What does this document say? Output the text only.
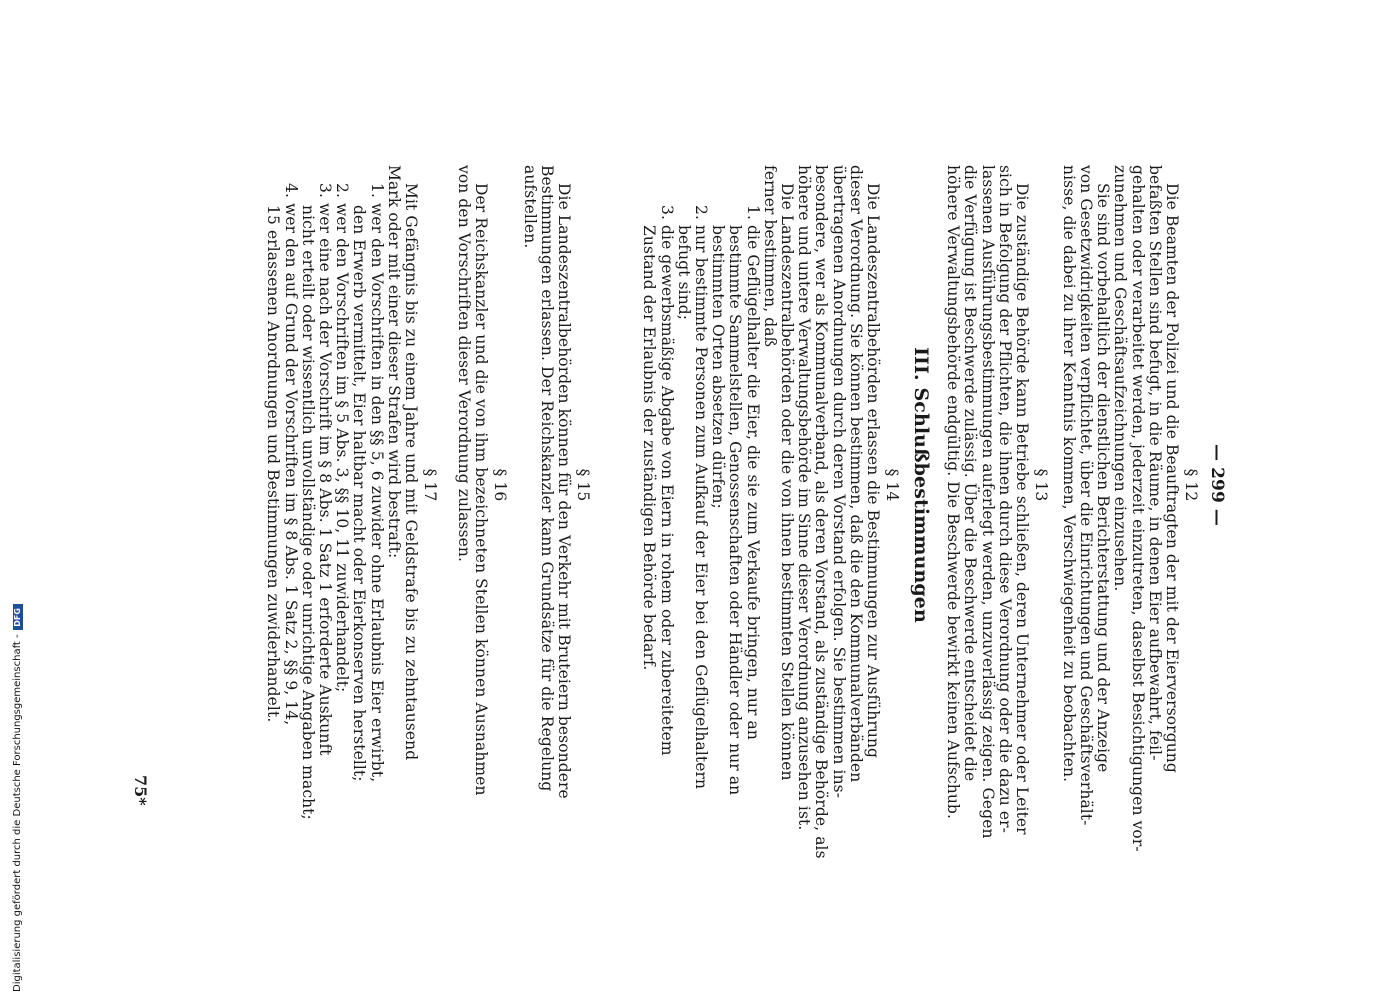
— 299 —
§ 12
Die Beamten der Polizei und die Beauftragten der mit der Eierversorgung
befaßten Stellen sind befugt, in die Räume, in denen Eier aufbewahrt, feil-
gehalten oder verarbeitet werden, jederzeit einzutreten, daselbst Besichtigungen vor-
zunehmen und Geschäftsaufzeichnungen einzusehen.
Sie sind vorbehaltlich der dienstlichen Berichterstattung und der Anzeige
von Gesetzwidrigkeiten verpflichtet, über die Einrichtungen und Geschäftsverhält-
nisse, die dabei zu ihrer Kenntnis kommen, Verschwiegenheit zu beobachten.
§ 13
Die zuständige Behörde kann Betriebe schließen, deren Unternehmer oder Leiter
sich in Befolgung der Pflichten, die ihnen durch diese Verordnung oder die dazu er-
lassenen Ausführungsbestimmungen auferlegt werden, unzuverlässig zeigen. Gegen
die Verfügung ist Beschwerde zulässig. Über die Beschwerde entscheidet die
höhere Verwaltungsbehörde endgültig. Die Beschwerde bewirkt keinen Aufschub.
III. Schlußbestimmungen
§ 14
Die Landeszentralbehörden erlassen die Bestimmungen zur Ausführung
dieser Verordnung. Sie können bestimmen, daß die den Kommunalverbänden
übertragenen Anordnungen durch deren Vorstand erfolgen. Sie bestimmen ins-
besondere, wer als Kommunalverband, als deren Vorstand, als zuständige Behörde, als
höhere und untere Verwaltungsbehörde im Sinne dieser Verordnung anzusehen ist.
Die Landeszentralbehörden oder die von ihnen bestimmten Stellen können
ferner bestimmen, daß
1. die Geflügelhalter die Eier, die sie zum Verkaufe bringen, nur an
bestimmte Sammelstellen, Genossenschaften oder Händler oder nur an
bestimmten Orten absetzen dürfen;
2. nur bestimmte Personen zum Aufkauf der Eier bei den Geflügelhaltern
befugt sind;
3. die gewerbsmäßige Abgabe von Eiern in rohem oder zubereitetem
Zustand der Erlaubnis der zuständigen Behörde bedarf.
§ 15
Die Landeszentralbehörden können für den Verkehr mit Bruteiern besondere
Bestimmungen erlassen. Der Reichskanzler kann Grundsätze für die Regelung
aufstellen.
§ 16
Der Reichskanzler und die von ihm bezeichneten Stellen können Ausnahmen
von den Vorschriften dieser Verordnung zulassen.
§ 17
Mit Gefängnis bis zu einem Jahre und mit Geldstrafe bis zu zehntausend
Mark oder mit einer dieser Strafen wird bestraft:
1. wer den Vorschriften in den §§ 5, 6 zuwider ohne Erlaubnis Eier erwirbt,
den Erwerb vermittelt, Eier haltbar macht oder Eierkonserven herstellt;
2. wer den Vorschriften im § 5 Abs. 3, §§ 10, 11 zuwiderhandelt;
3. wer eine nach der Vorschrift im § 8 Abs. 1 Satz 1 erforderte Auskunft
nicht erteilt oder wissentlich unvollständige oder unrichtige Angaben macht;
4. wer den auf Grund der Vorschriften im § 8 Abs. 1 Satz 2, §§ 9, 14,
15 erlassenen Anordnungen und Bestimmungen zuwiderhandelt.
75*
Digitalisierung gefördert durch die Deutsche Forschungsgemeinschaft -
DFG
